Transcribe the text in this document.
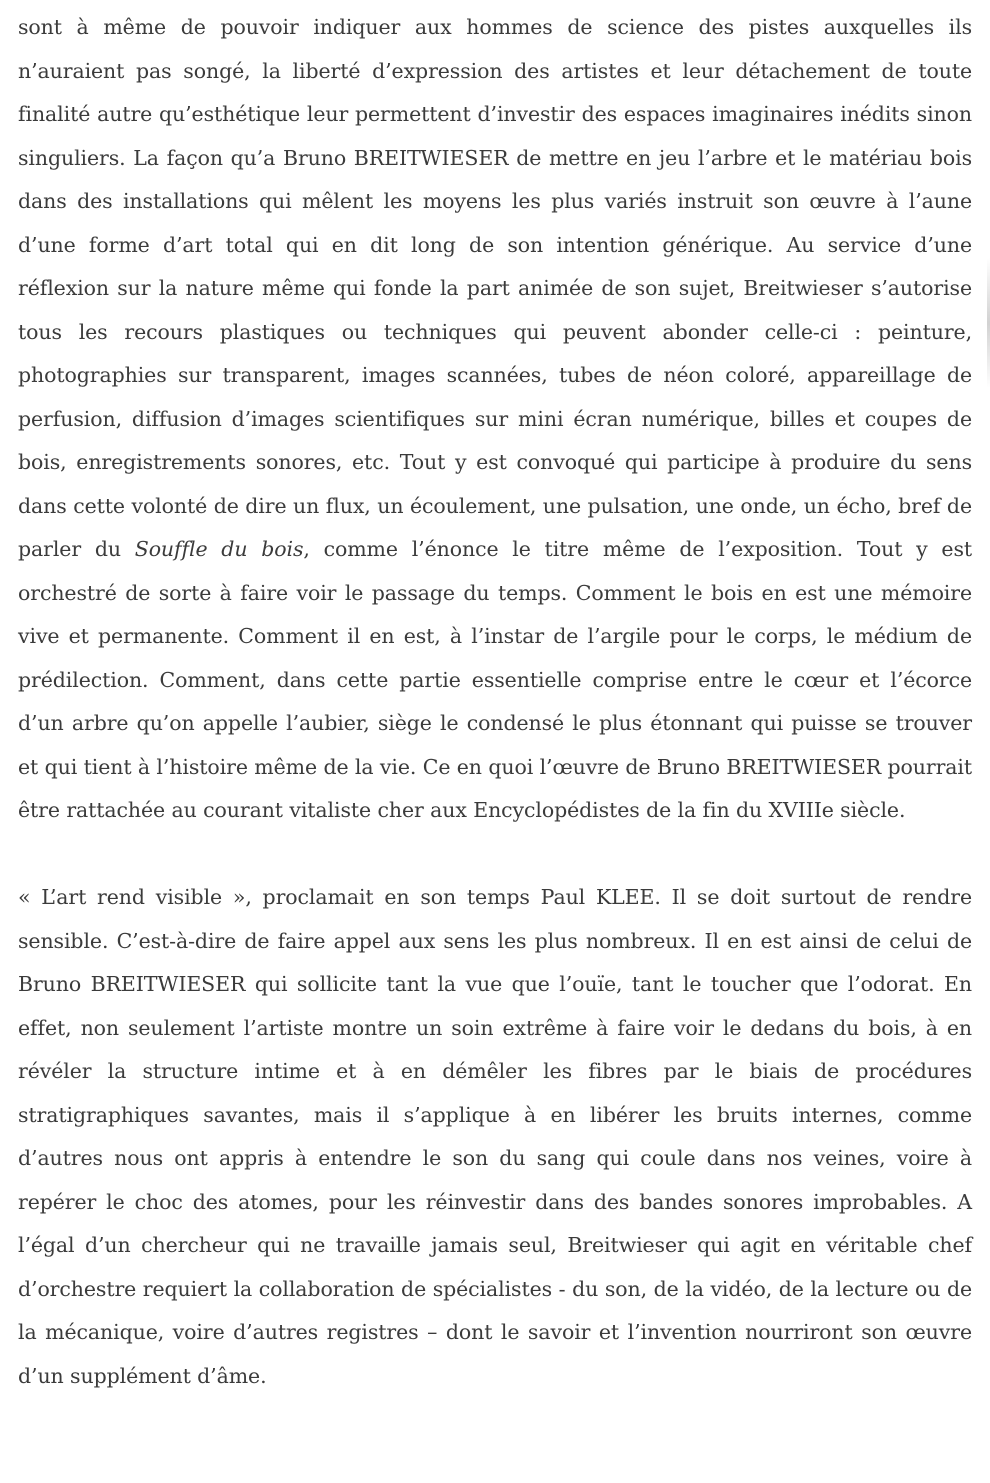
sont à même de pouvoir indiquer aux hommes de science des pistes auxquelles ils n’auraient pas songé, la liberté d’expression des artistes et leur détachement de toute finalité autre qu’esthétique leur permettent d’investir des espaces imaginaires inédits sinon singuliers. La façon qu’a Bruno BREITWIESER de mettre en jeu l’arbre et le matériau bois dans des installations qui mêlent les moyens les plus variés instruit son œuvre à l’aune d’une forme d’art total qui en dit long de son intention générique. Au service d’une réflexion sur la nature même qui fonde la part animée de son sujet, Breitwieser s’autorise tous les recours plastiques ou techniques qui peuvent abonder celle-ci : peinture, photographies sur transparent, images scannées, tubes de néon coloré, appareillage de perfusion, diffusion d’images scientifiques sur mini écran numérique, billes et coupes de bois, enregistrements sonores, etc. Tout y est convoqué qui participe à produire du sens dans cette volonté de dire un flux, un écoulement, une pulsation, une onde, un écho, bref de parler du Souffle du bois, comme l’énonce le titre même de l’exposition. Tout y est orchestré de sorte à faire voir le passage du temps. Comment le bois en est une mémoire vive et permanente. Comment il en est, à l’instar de l’argile pour le corps, le médium de prédilection. Comment, dans cette partie essentielle comprise entre le cœur et l’écorce d’un arbre qu’on appelle l’aubier, siège le condensé le plus étonnant qui puisse se trouver et qui tient à l’histoire même de la vie. Ce en quoi l’œuvre de Bruno BREITWIESER pourrait être rattachée au courant vitaliste cher aux Encyclopédistes de la fin du XVIIIe siècle.

« L’art rend visible », proclamait en son temps Paul KLEE. Il se doit surtout de rendre sensible. C’est-à-dire de faire appel aux sens les plus nombreux. Il en est ainsi de celui de Bruno BREITWIESER qui sollicite tant la vue que l’ouïe, tant le toucher que l’odorat. En effet, non seulement l’artiste montre un soin extrême à faire voir le dedans du bois, à en révéler la structure intime et à en démêler les fibres par le biais de procédures stratigraphiques savantes, mais il s’applique à en libérer les bruits internes, comme d’autres nous ont appris à entendre le son du sang qui coule dans nos veines, voire à repérer le choc des atomes, pour les réinvestir dans des bandes sonores improbables. A l’égal d’un chercheur qui ne travaille jamais seul, Breitwieser qui agit en véritable chef d’orchestre requiert la collaboration de spécialistes - du son, de la vidéo, de la lecture ou de la mécanique, voire d’autres registres – dont le savoir et l’invention nourriront son œuvre d’un supplément d’âme.
